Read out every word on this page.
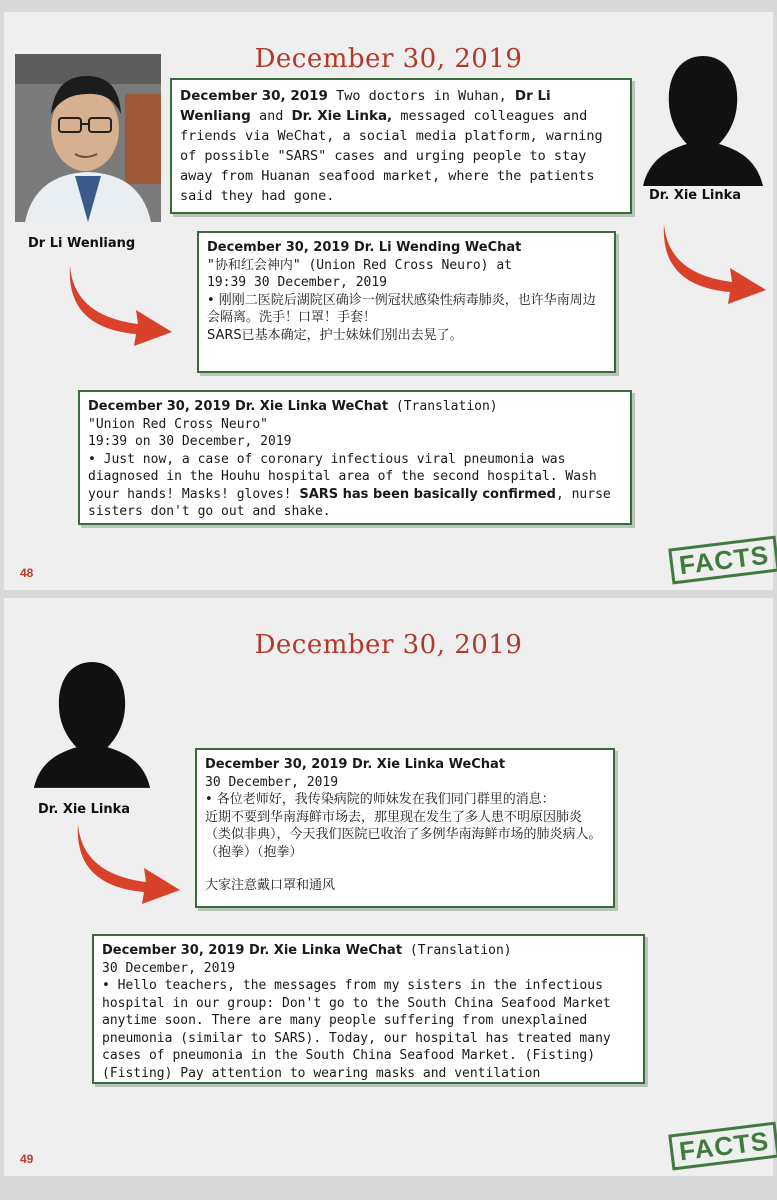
December 30, 2019
Dr Li Wenliang
Dr. Xie Linka
December 30, 2019 Two doctors in Wuhan, Dr Li Wenliang and Dr. Xie Linka, messaged colleagues and friends via WeChat, a social media platform, warning of possible "SARS" cases and urging people to stay away from Huanan seafood market, where the patients said they had gone.
December 30, 2019 Dr. Li Wending WeChat
"协和红会神内" (Union Red Cross Neuro) at
19:39 30 December, 2019
• 刚刚二医院后湖院区确诊一例冠状感染性病毒肺炎，也许华南周边会隔离。洗手！口罩！手套！
SARS已基本确定，护士妹妹们别出去晃了。
December 30, 2019 Dr. Xie Linka WeChat (Translation)
"Union Red Cross Neuro"
19:39 on 30 December, 2019
• Just now, a case of coronary infectious viral pneumonia was diagnosed in the Houhu hospital area of the second hospital. Wash your hands! Masks! gloves! SARS has been basically confirmed, nurse sisters don't go out and shake.
48	FACTS
December 30, 2019
Dr. Xie Linka
December 30, 2019 Dr. Xie Linka WeChat
30 December, 2019
• 各位老师好，我传染病院的师妹发在我们同门群里的消息：
近期不要到华南海鲜市场去，那里现在发生了多人患不明原因肺炎（类似非典），今天我们医院已收治了多例华南海鲜市场的肺炎病人。（抱拳）（抱拳）
大家注意戴口罩和通风
December 30, 2019 Dr. Xie Linka WeChat (Translation)
30 December, 2019
• Hello teachers, the messages from my sisters in the infectious hospital in our group: Don't go to the South China Seafood Market anytime soon. There are many people suffering from unexplained pneumonia (similar to SARS). Today, our hospital has treated many cases of pneumonia in the South China Seafood Market. (Fisting) (Fisting) Pay attention to wearing masks and ventilation
49	FACTS
